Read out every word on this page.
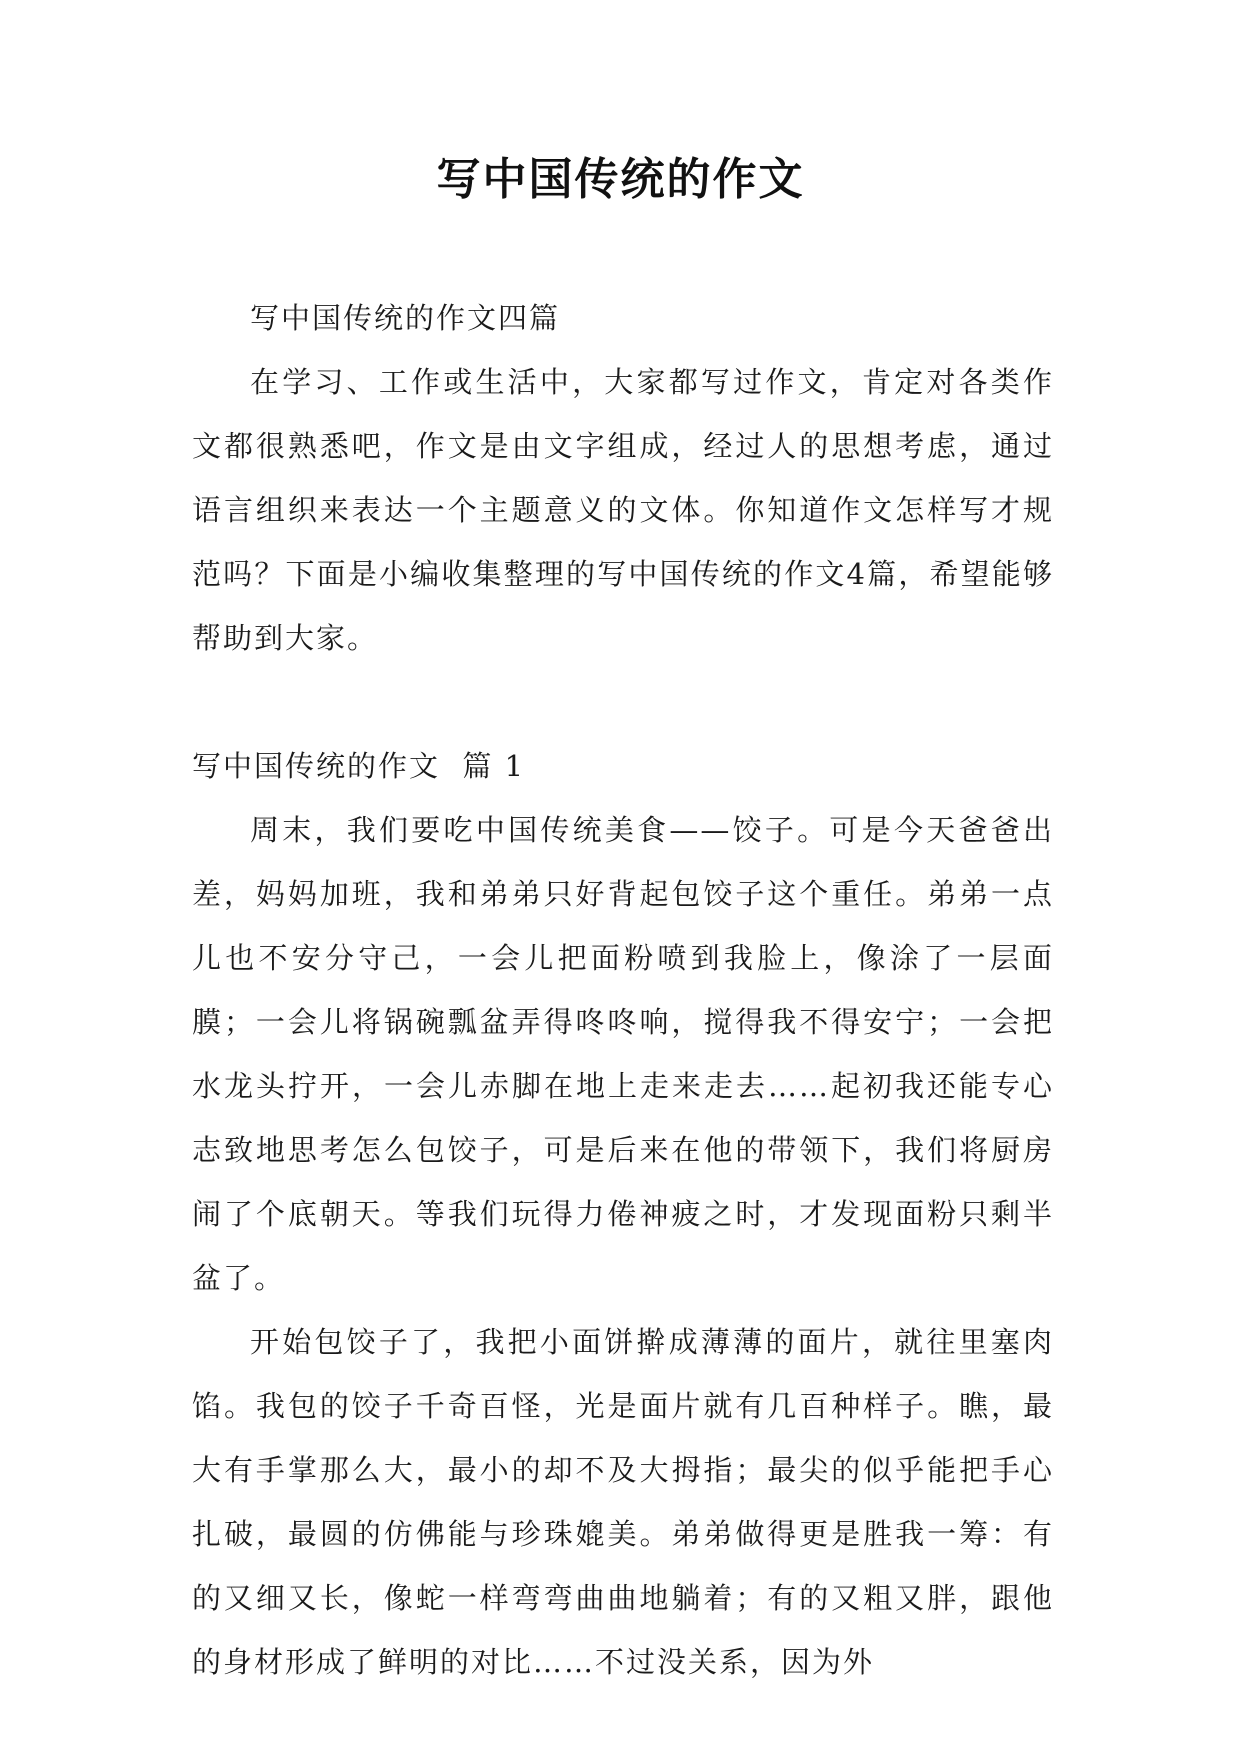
写中国传统的作文

写中国传统的作文四篇

在学习、工作或生活中，大家都写过作文，肯定对各类作文都很熟悉吧，作文是由文字组成，经过人的思想考虑，通过语言组织来表达一个主题意义的文体。你知道作文怎样写才规范吗？下面是小编收集整理的写中国传统的作文4篇，希望能够帮助到大家。

写中国传统的作文  篇 1

周末，我们要吃中国传统美食——饺子。可是今天爸爸出差，妈妈加班，我和弟弟只好背起包饺子这个重任。弟弟一点儿也不安分守己，一会儿把面粉喷到我脸上，像涂了一层面膜；一会儿将锅碗瓢盆弄得咚咚响，搅得我不得安宁；一会把水龙头拧开，一会儿赤脚在地上走来走去……起初我还能专心志致地思考怎么包饺子，可是后来在他的带领下，我们将厨房闹了个底朝天。等我们玩得力倦神疲之时，才发现面粉只剩半盆了。

开始包饺子了，我把小面饼擀成薄薄的面片，就往里塞肉馅。我包的饺子千奇百怪，光是面片就有几百种样子。瞧，最大有手掌那么大，最小的却不及大拇指；最尖的似乎能把手心扎破，最圆的仿佛能与珍珠媲美。弟弟做得更是胜我一筹：有的又细又长，像蛇一样弯弯曲曲地躺着；有的又粗又胖，跟他的身材形成了鲜明的对比……不过没关系，因为外
